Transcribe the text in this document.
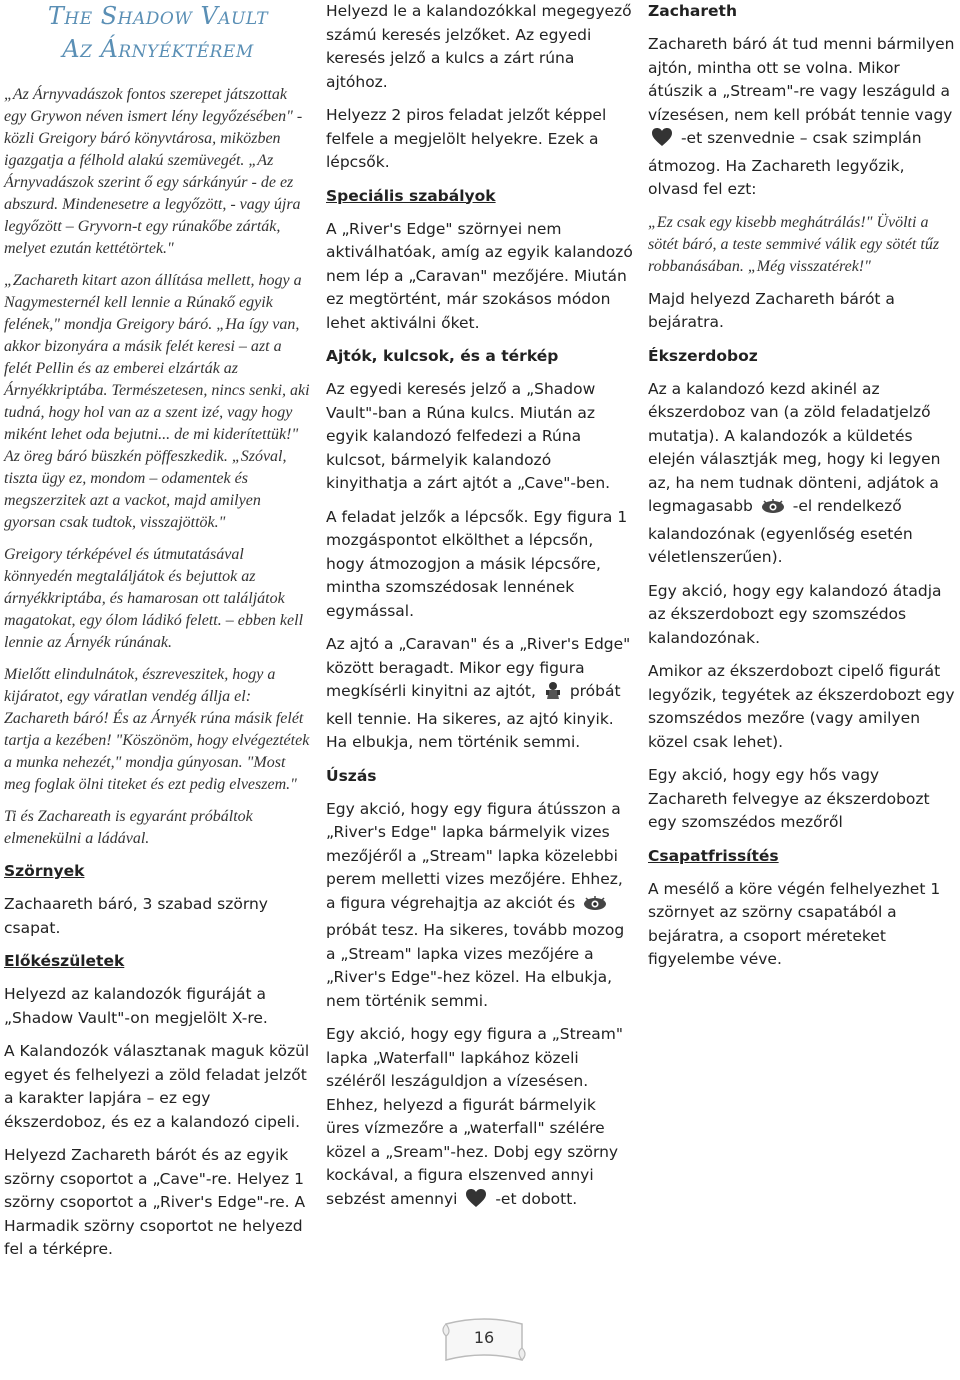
The Shadow Vault
Az Árnyéktérem

„Az Árnyvadászok fontos szerepet játszottak egy Grywon néven ismert lény legyőzésében" - közli Greigory báró könyvtárosa, miközben igazgatja a félhold alakú szemüvegét. „Az Árnyvadászok szerint ő egy sárkányúr - de ez abszurd. Mindenesetre a legyőzött, - vagy újra legyőzött – Gryvorn-t egy rúnakőbe zárták, melyet ezután kettétörtek."

„Zachareth kitart azon állítása mellett, hogy a Nagymesternél kell lennie a Rúnakő egyik felének," mondja Greigory báró. „Ha így van, akkor bizonyára a másik felét keresi – azt a felét Pellin és az emberei elzárták az Árnyékkriptába. Természetesen, nincs senki, aki tudná, hogy hol van az a szent izé, vagy hogy miként lehet oda bejutni... de mi kiderítettük!" Az öreg báró büszkén pöffeszkedik. „Szóval, tiszta ügy ez, mondom – odamentek és megszerzitek azt a vackot, majd amilyen gyorsan csak tudtok, visszajöttök."

Greigory térképével és útmutatásával könnyedén megtaláljátok és bejuttok az árnyékkriptába, és hamarosan ott találjátok magatokat, egy ólom ládikó felett. – ebben kell lennie az Árnyék rúnának.

Mielőtt elindulnátok, észreveszitek, hogy a kijáratot, egy váratlan vendég állja el: Zachareth báró! És az Árnyék rúna másik felét tartja a kezében! "Köszönöm, hogy elvégeztétek a munka nehezét," mondja gúnyosan. "Most meg foglak ölni titeket és ezt pedig elveszem."

Ti és Zachareath is egyaránt próbáltok elmenekülni a ládával.

Szörnyek

Zachaareth báró, 3 szabad szörny csapat.

Előkészületek

Helyezd az kalandozók figuráját a „Shadow Vault"-on megjelölt X-re.

A Kalandozók választanak maguk közül egyet és felhelyezi a zöld feladat jelzőt a karakter lapjára – ez egy ékszerdoboz, és ez a kalandozó cipeli.

Helyezd Zachareth bárót és az egyik szörny csoportot a „Cave"-re. Helyez 1 szörny csoportot a „River's Edge"-re. A Harmadik szörny csoportot ne helyezd fel a térképre.

Helyezd le a kalandozókkal megegyező számú keresés jelzőket. Az egyedi keresés jelző a kulcs a zárt rúna ajtóhoz.

Helyezz 2 piros feladat jelzőt képpel felfele a megjelölt helyekre. Ezek a lépcsők.

Speciális szabályok

A „River's Edge" szörnyei nem aktiválhatóak, amíg az egyik kalandozó nem lép a „Caravan" mezőjére. Miután ez megtörtént, már szokásos módon lehet aktiválni őket.

Ajtók, kulcsok, és a térkép

Az egyedi keresés jelző a „Shadow Vault"-ban a Rúna kulcs. Miután az egyik kalandozó felfedezi a Rúna kulcsot, bármelyik kalandozó kinyithatja a zárt ajtót a „Cave"-ben.

A feladat jelzők a lépcsők. Egy figura 1 mozgáspontot elkölthet a lépcsőn, hogy átmozogjon a másik lépcsőre, mintha szomszédosak lennének egymással.

Az ajtó a „Caravan" és a „River's Edge" között beragadt. Mikor egy figura megkísérli kinyitni az ajtót, próbát kell tennie. Ha sikeres, az ajtó kinyik. Ha elbukja, nem történik semmi.

Úszás

Egy akció, hogy egy figura átússzon a „River's Edge" lapka bármelyik vizes mezőjéről a „Stream" lapka közelebbi perem melletti vizes mezőjére. Ehhez, a figura végrehajtja az akciót és  próbát tesz. Ha sikeres, tovább mozog a „Stream" lapka vizes mezőjére a „River's Edge"-hez közel. Ha elbukja, nem történik semmi.

Egy akció, hogy egy figura a „Stream" lapka „Waterfall" lapkához közeli széléről leszáguldjon a vízesésen. Ehhez, helyezd a figurát bármelyik üres vízmezőre a „waterfall" szélére közel a „Sream"-hez. Dobj egy szörny kockával, a figura elszenved annyi sebzést amennyi -et dobott.

Zachareth

Zachareth báró át tud menni bármilyen ajtón, mintha ott se volna. Mikor átúszik a „Stream"-re vagy leszáguld a vízesésen, nem kell próbát tennie vagy  -et szenvednie – csak szimplán átmozog. Ha Zachareth legyőzik, olvasd fel ezt:

„Ez csak egy kisebb meghátrálás!" Üvölti a sötét báró, a teste semmivé válik egy sötét tűz robbanásában. „Még visszatérek!"

Majd helyezd Zachareth bárót a bejáratra.

Ékszerdoboz

Az a kalandozó kezd akinél az ékszerdoboz van (a zöld feladatjelző mutatja). A kalandozók a küldetés elején választják meg, hogy ki legyen az, ha nem tudnak dönteni, adjátok a legmagasabb	-el rendelkező kalandozónak (egyenlőség esetén véletlenszerűen).

Egy akció, hogy egy kalandozó átadja az ékszerdobozt egy szomszédos kalandozónak.

Amikor az ékszerdobozt cipelő figurát legyőzik, tegyétek az ékszerdobozt egy szomszédos mezőre (vagy amilyen közel csak lehet).

Egy akció, hogy egy hős vagy Zachareth felvegye az ékszerdobozt egy szomszédos mezőről

Csapatfrissítés

A mesélő a köre végén felhelyezhet 1 szörnyet az szörny csapatából a bejáratra, a csoport méreteket figyelembe véve.

16
